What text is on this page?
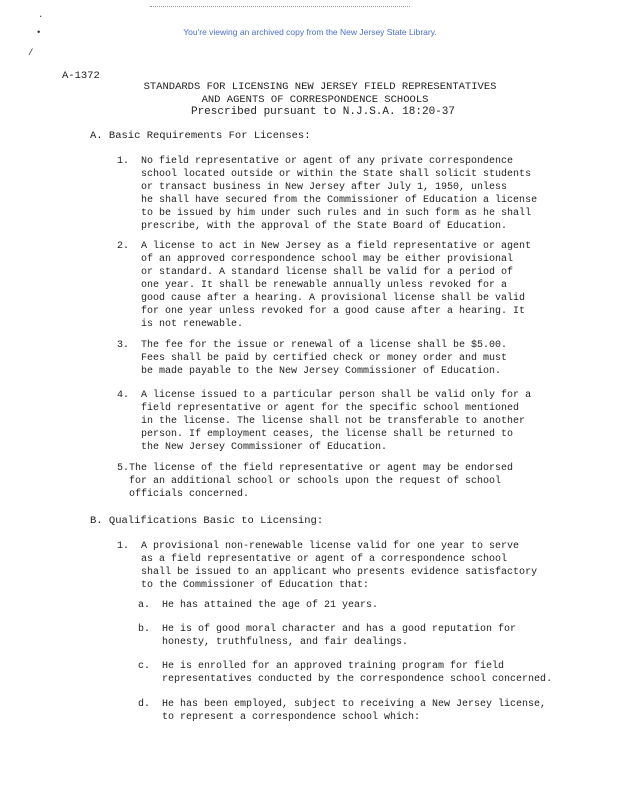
·
•
/
You're viewing an archived copy from the New Jersey State Library.
A-1372
STANDARDS FOR LICENSING NEW JERSEY FIELD REPRESENTATIVES
AND AGENTS OF CORRESPONDENCE SCHOOLS
Prescribed pursuant to N.J.S.A. 18:20-37
A. Basic Requirements For Licenses:
1. No field representative or agent of any private correspondence
school located outside or within the State shall solicit students
or transact business in New Jersey after July 1, 1950, unless
he shall have secured from the Commissioner of Education a license
to be issued by him under such rules and in such form as he shall
prescribe, with the approval of the State Board of Education.
2. A license to act in New Jersey as a field representative or agent
of an approved correspondence school may be either provisional
or standard. A standard license shall be valid for a period of
one year. It shall be renewable annually unless revoked for a
good cause after a hearing. A provisional license shall be valid
for one year unless revoked for a good cause after a hearing. It
is not renewable.
3. The fee for the issue or renewal of a license shall be $5.00.
Fees shall be paid by certified check or money order and must
be made payable to the New Jersey Commissioner of Education.
4. A license issued to a particular person shall be valid only for a
field representative or agent for the specific school mentioned
in the license. The license shall not be transferable to another
person. If employment ceases, the license shall be returned to
the New Jersey Commissioner of Education.
5. The license of the field representative or agent may be endorsed
for an additional school or schools upon the request of school
officials concerned.
B. Qualifications Basic to Licensing:
1. A provisional non-renewable license valid for one year to serve
as a field representative or agent of a correspondence school
shall be issued to an applicant who presents evidence satisfactory
to the Commissioner of Education that:
a. He has attained the age of 21 years.
b. He is of good moral character and has a good reputation for
honesty, truthfulness, and fair dealings.
c. He is enrolled for an approved training program for field
representatives conducted by the correspondence school concerned.
d. He has been employed, subject to receiving a New Jersey license,
to represent a correspondence school which:
